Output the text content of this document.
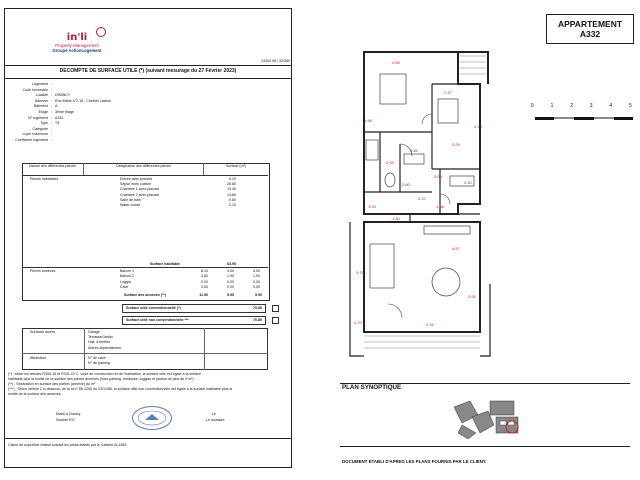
in'li
Property Management
Groupe ActionLogement
13394 08 / 32/380
DECOMPTE DE SURFACE UTILE (*) (suivant mesurage du 27 Février 2023)
Logement :
Code Immeuble :
Localité : DRANCY
Adresse : Rue Marie n°2-16 , Chemin Latéral
Bâtiment : A
Etage : 3ème étage
N° logement : A332
Type : T3
Catégorie :
Loyer maximum :
Coefficient logement :
Nature des différentes pièces	Désignation des différentes pièces	Surface (m²)
Pièces habitables	Entrée avec placard	6.20
Séjour avec cuisine	26.80
Chambre 1 avec placard	13.40
Chambre 2 avec placard	13.60
Salle de bain	5.60
Water-closet	2.10
Surface habitable	64.90
Pièces annexes	Balcon 1	6.10	4.00	4.00
Balcon 2	3.80	1.90	1.90
Loggia	0.00	0.00	0.00
Cave	0.00	0.00	0.00
Surface des annexes (**)	11.90	5.95	5.90
Surface utile conventionnelle (*)	70.85
Surface utile non conventionnelle ***	70.80
Surfaces autres	Garage
Terrasse/Jardin
Hall, à fenêtre
Autres dépendances
Attribution	N° de cave
N° de parking
(*) : selon les articles R353-16 et R331-10 C. code de construction et de l'habitation, la surface utile est égale à la surface
habitable plus la moitié de la surface des pièces annexes (hors parking, terrasses, loggias et jardins de plus de 9 m²).
(**) : Séparation en surface des parties (annexe) du m²
(***) : Selon l'article 2 ci-dessous, de la loi n°86-1290 du 23/12/86, la surface utile non conventionnelle est égale à la surface habitable plus la
moitié de la surface des annexes.
Etabli à Drancy
Société RIJ
Le
Le locataire
Calcul de superficie réalisé suivant les plans établis par le Cabinet AL1583
APPARTEMENT
A332
0	1	2	3	4	5
2.65
2.47
4.73
0.85
0.37
2.09
2.30
2.03
1.50
3.75
4.57
4.70	2.34
1.98
2.29
1.08
1.03
2.60
2.51
PLAN SYNOPTIQUE
DOCUMENT ETABLI D'APRES LES PLANS FOURNIS PAR LE CLIENT.
